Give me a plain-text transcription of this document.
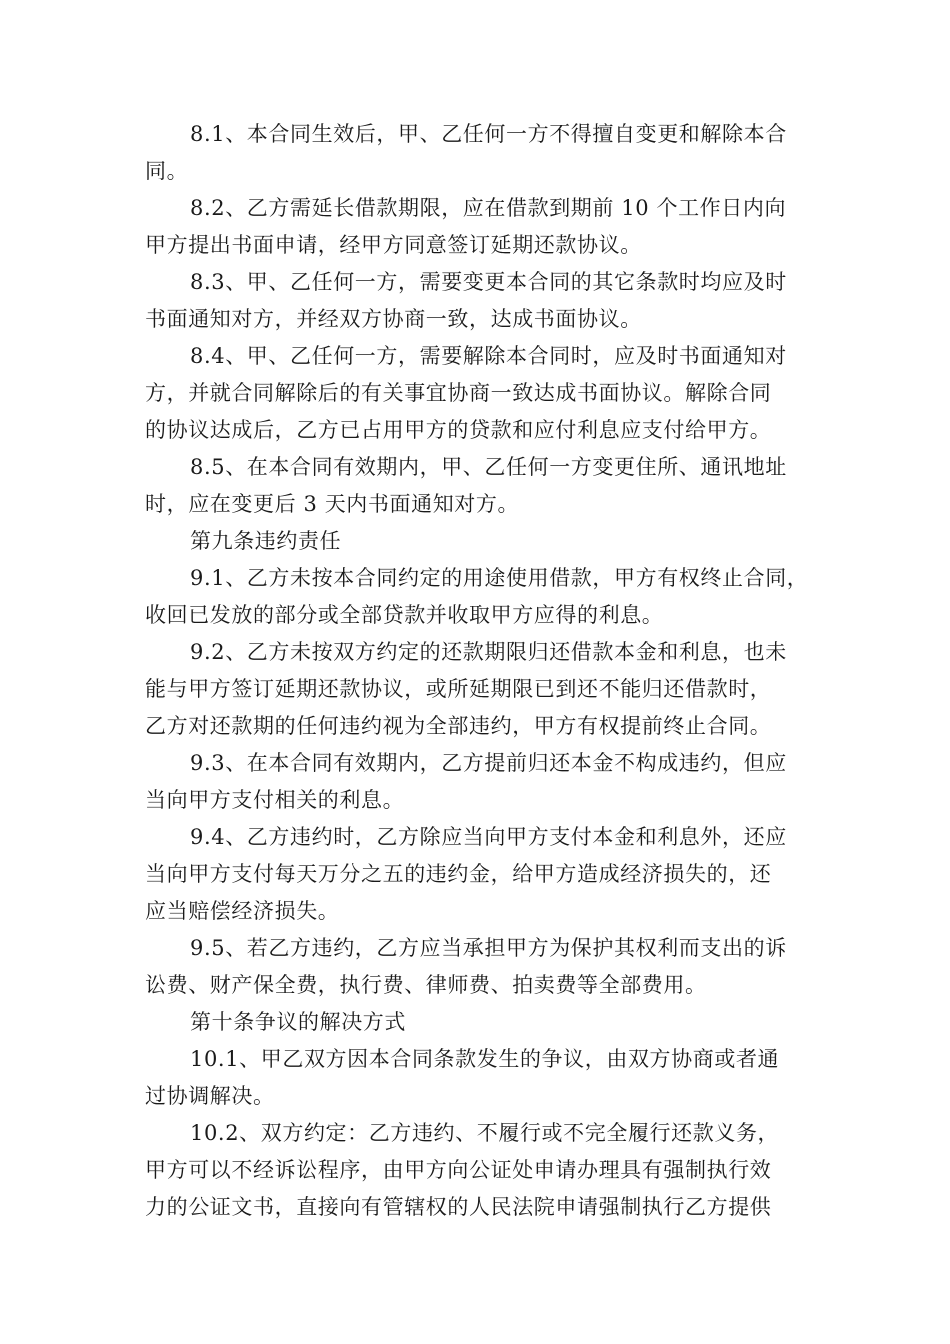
8.1、本合同生效后，甲、乙任何一方不得擅自变更和解除本合
同。
8.2、乙方需延长借款期限，应在借款到期前 10 个工作日内向
甲方提出书面申请，经甲方同意签订延期还款协议。
8.3、甲、乙任何一方，需要变更本合同的其它条款时均应及时
书面通知对方，并经双方协商一致，达成书面协议。
8.4、甲、乙任何一方，需要解除本合同时，应及时书面通知对
方，并就合同解除后的有关事宜协商一致达成书面协议。解除合同
的协议达成后，乙方已占用甲方的贷款和应付利息应支付给甲方。
8.5、在本合同有效期内，甲、乙任何一方变更住所、通讯地址
时，应在变更后 3 天内书面通知对方。
第九条违约责任
9.1、乙方未按本合同约定的用途使用借款，甲方有权终止合同，
收回已发放的部分或全部贷款并收取甲方应得的利息。
9.2、乙方未按双方约定的还款期限归还借款本金和利息，也未
能与甲方签订延期还款协议，或所延期限已到还不能归还借款时，
乙方对还款期的任何违约视为全部违约，甲方有权提前终止合同。
9.3、在本合同有效期内，乙方提前归还本金不构成违约，但应
当向甲方支付相关的利息。
9.4、乙方违约时，乙方除应当向甲方支付本金和利息外，还应
当向甲方支付每天万分之五的违约金，给甲方造成经济损失的，还
应当赔偿经济损失。
9.5、若乙方违约，乙方应当承担甲方为保护其权利而支出的诉
讼费、财产保全费，执行费、律师费、拍卖费等全部费用。
第十条争议的解决方式
10.1、甲乙双方因本合同条款发生的争议，由双方协商或者通
过协调解决。
10.2、双方约定：乙方违约、不履行或不完全履行还款义务，
甲方可以不经诉讼程序，由甲方向公证处申请办理具有强制执行效
力的公证文书，直接向有管辖权的人民法院申请强制执行乙方提供
